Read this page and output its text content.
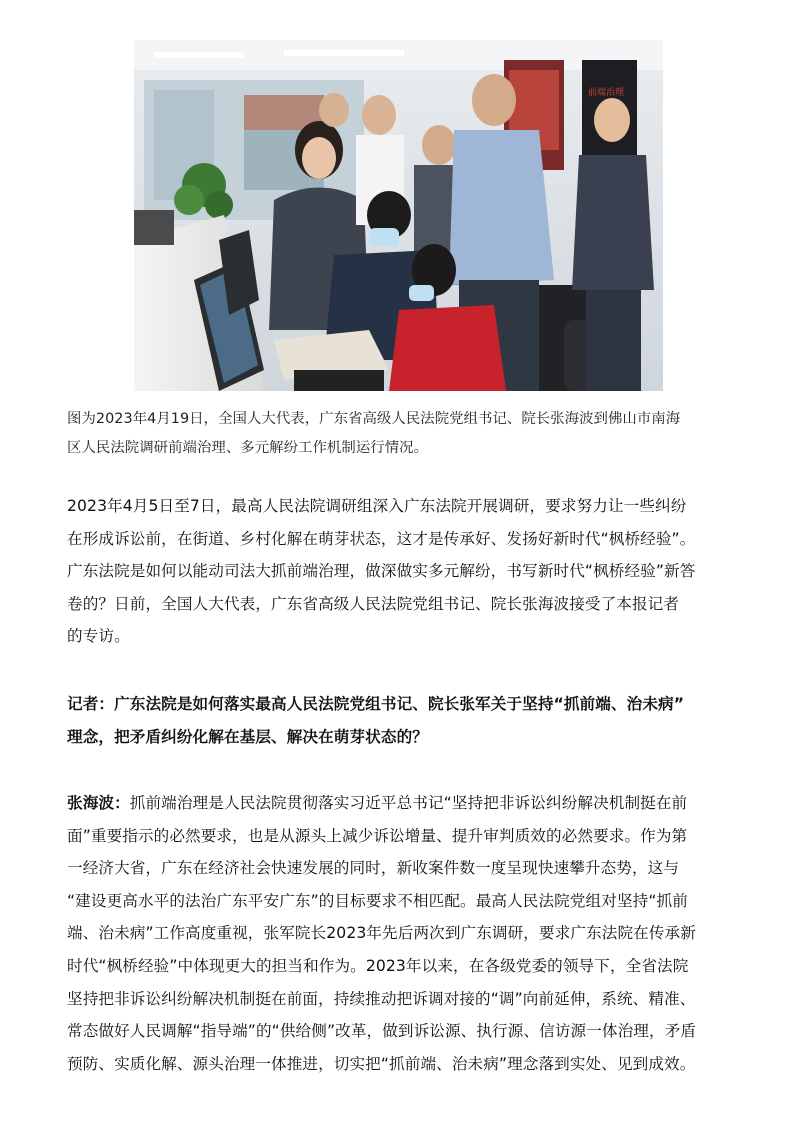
前端治理
图为2023年4月19日，全国人大代表，广东省高级人民法院党组书记、院长张海波到佛山市南海
区人民法院调研前端治理、多元解纷工作机制运行情况。
2023年4月5日至7日，最高人民法院调研组深入广东法院开展调研，要求努力让一些纠纷
在形成诉讼前，在街道、乡村化解在萌芽状态，这才是传承好、发扬好新时代“枫桥经验”。
广东法院是如何以能动司法大抓前端治理，做深做实多元解纷，书写新时代“枫桥经验”新答
卷的？日前，全国人大代表，广东省高级人民法院党组书记、院长张海波接受了本报记者
的专访。
记者：广东法院是如何落实最高人民法院党组书记、院长张军关于坚持“抓前端、治未病”
理念，把矛盾纠纷化解在基层、解决在萌芽状态的？
张海波：抓前端治理是人民法院贯彻落实习近平总书记“坚持把非诉讼纠纷解决机制挺在前
面”重要指示的必然要求，也是从源头上减少诉讼增量、提升审判质效的必然要求。作为第
一经济大省，广东在经济社会快速发展的同时，新收案件数一度呈现快速攀升态势，这与
“建设更高水平的法治广东平安广东”的目标要求不相匹配。最高人民法院党组对坚持“抓前
端、治未病”工作高度重视，张军院长2023年先后两次到广东调研，要求广东法院在传承新
时代“枫桥经验”中体现更大的担当和作为。2023年以来，在各级党委的领导下，全省法院
坚持把非诉讼纠纷解决机制挺在前面，持续推动把诉调对接的“调”向前延伸，系统、精准、
常态做好人民调解“指导端”的“供给侧”改革，做到诉讼源、执行源、信访源一体治理，矛盾
预防、实质化解、源头治理一体推进，切实把“抓前端、治未病”理念落到实处、见到成效。
